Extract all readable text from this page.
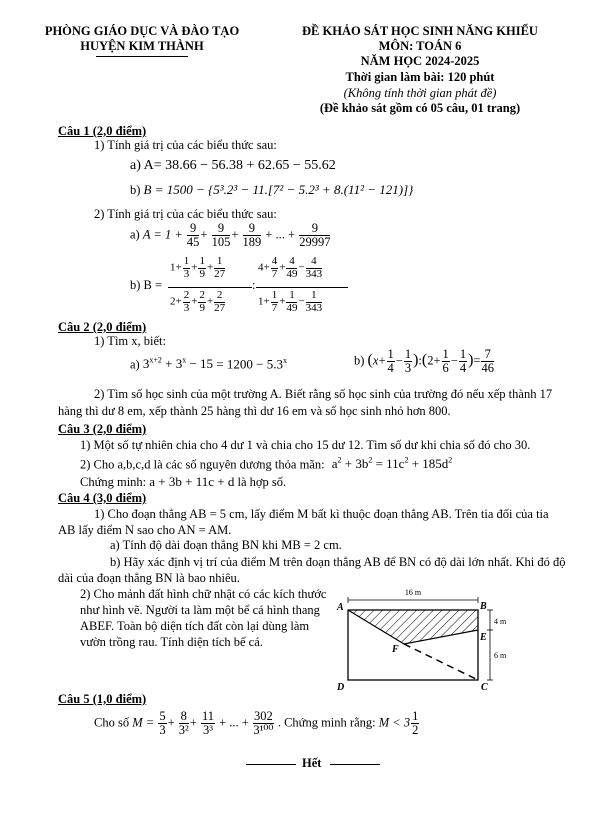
PHÒNG GIÁO DỤC VÀ ĐÀO TẠO
HUYỆN KIM THÀNH
ĐỀ KHẢO SÁT HỌC SINH NĂNG KHIẾU
MÔN: TOÁN 6
NĂM HỌC 2024-2025
Thời gian làm bài: 120 phút
(Không tính thời gian phát đề)
(Đề khảo sát gồm có 05 câu, 01 trang)
Câu 1 (2,0 điểm)
1) Tính giá trị của các biểu thức sau:
a) A= 38.66 − 56.38 + 62.65 − 55.62
b) B = 1500 − {5³.2³ − 11.[7² − 5.2³ + 8.(11² − 121)]}
2) Tính giá trị của các biểu thức sau:
a) $A = 1 + \frac{9}{45} + \frac{9}{105} + \frac{9}{189}$ + ... + $\frac{9}{29997}$
b) B =
$1+ \frac{1}{3} + \frac{1}{9} + \frac{1}{27}$
$2+ \frac{2}{3} + \frac{2}{9} + \frac{2}{27}$
:
$4+ \frac{4}{7} + \frac{4}{49} - \frac{4}{343}$
$1+ \frac{1}{7} + \frac{1}{49} - \frac{1}{343}$
Câu 2 (2,0 điểm)
1) Tìm x, biết:
a) $3^{x+2} + 3^x - 15 = 1200 - 5.3^x$	b) ($x+ \frac{1}{4} - \frac{1}{3}$ ):(2+ $\frac{1}{6} - \frac{1}{4}$ )= $\frac{7}{46}$
2) Tìm số học sinh của một trường A. Biết rằng số học sinh của trường đó nếu xếp thành 17 hàng thì dư 8 em, xếp thành 25 hàng thì dư 16 em và số học sinh nhỏ hơn 800.
Câu 3 (2,0 điểm)
1) Một số tự nhiên chia cho 4 dư 1 và chia cho 15 dư 12. Tìm số dư khi chia số đó cho 30.
2) Cho a,b,c,d là các số nguyên dương thỏa mãn: $a^2 + 3b^2 = 11c^2 + 185d^2$
Chứng minh: a + 3b + 11c + d là hợp số.
Câu 4 (3,0 điểm)
1) Cho đoạn thẳng AB = 5 cm, lấy điểm M bất kì thuộc đoạn thẳng AB. Trên tia đối của tia AB lấy điểm N sao cho AN = AM.
a) Tính độ dài đoạn thẳng BN khi MB = 2 cm.
b) Hãy xác định vị trí của điểm M trên đoạn thẳng AB để BN có độ dài lớn nhất. Khi đó độ dài của đoạn thẳng BN là bao nhiêu.
2) Cho mảnh đất hình chữ nhật có các kích thước như hình vẽ. Người ta làm một bể cá hình thang ABEF. Toàn bộ diện tích đất còn lại dùng làm vườn trồng rau. Tính diện tích bể cá.
16 m
4 m
6 m
A	B
C
D
E
F
Câu 5 (1,0 điểm)
Cho số $M = \frac{5}{3} + \frac{8}{\text{3²}} + \frac{11}{\text{3³}}$ + ... + $\frac{302}{\text{3¹⁰⁰}}$ . Chứng minh rằng: $M < 3 \frac{1}{2}$
Hết
